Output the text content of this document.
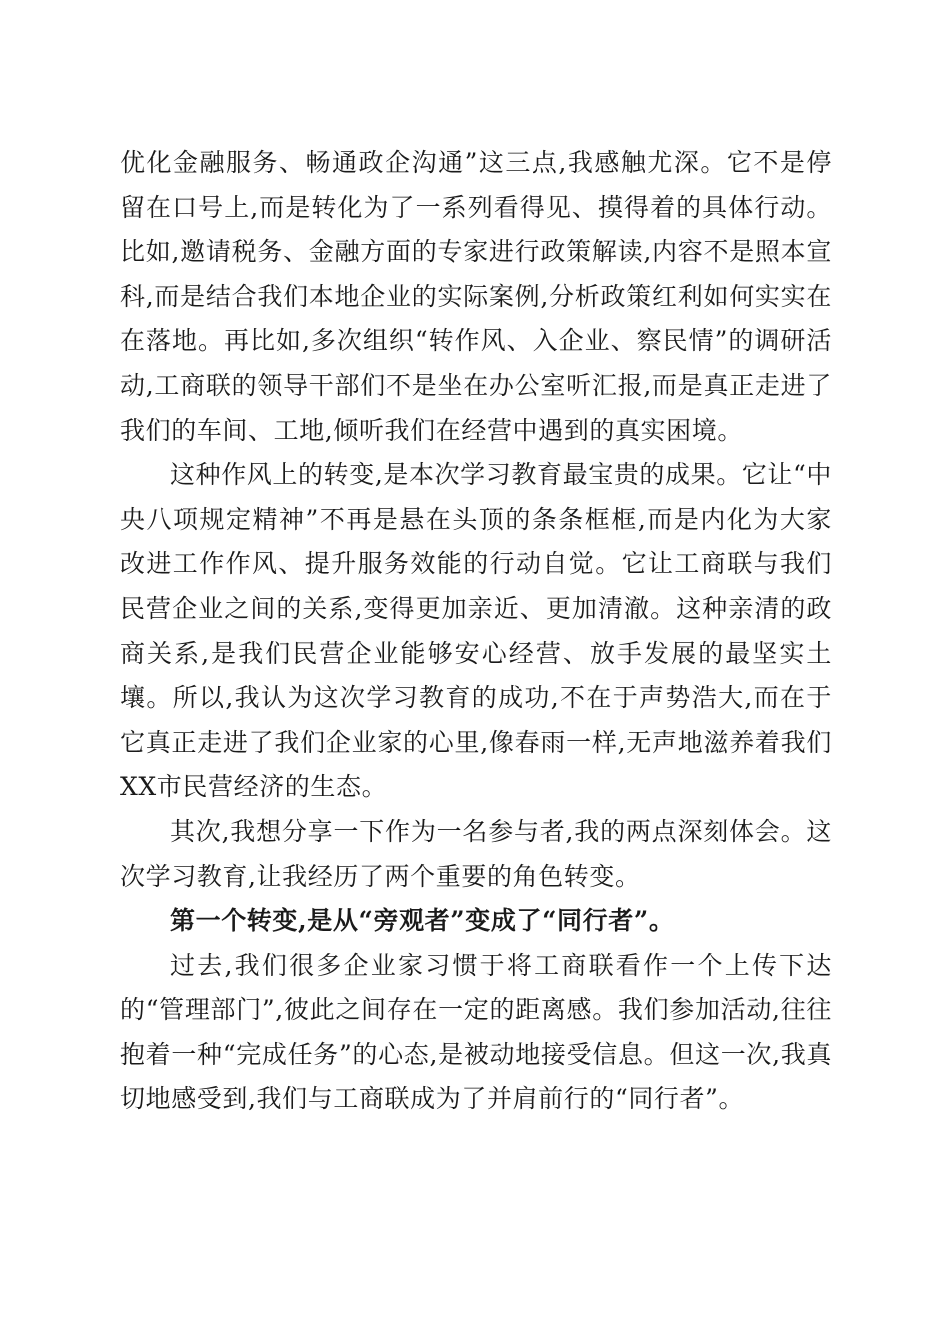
优化金融服务、畅通政企沟通”这三点,我感触尤深。它不是停留在口号上,而是转化为了一系列看得见、摸得着的具体行动。比如,邀请税务、金融方面的专家进行政策解读,内容不是照本宣科,而是结合我们本地企业的实际案例,分析政策红利如何实实在在落地。再比如,多次组织“转作风、入企业、察民情”的调研活动,工商联的领导干部们不是坐在办公室听汇报,而是真正走进了我们的车间、工地,倾听我们在经营中遇到的真实困境。

这种作风上的转变,是本次学习教育最宝贵的成果。它让“中央八项规定精神”不再是悬在头顶的条条框框,而是内化为大家改进工作作风、提升服务效能的行动自觉。它让工商联与我们民营企业之间的关系,变得更加亲近、更加清澈。这种亲清的政商关系,是我们民营企业能够安心经营、放手发展的最坚实土壤。所以,我认为这次学习教育的成功,不在于声势浩大,而在于它真正走进了我们企业家的心里,像春雨一样,无声地滋养着我们XX市民营经济的生态。

其次,我想分享一下作为一名参与者,我的两点深刻体会。这次学习教育,让我经历了两个重要的角色转变。

第一个转变,是从“旁观者”变成了“同行者”。

过去,我们很多企业家习惯于将工商联看作一个上传下达的“管理部门”,彼此之间存在一定的距离感。我们参加活动,往往抱着一种“完成任务”的心态,是被动地接受信息。但这一次,我真切地感受到,我们与工商联成为了并肩前行的“同行者”。
